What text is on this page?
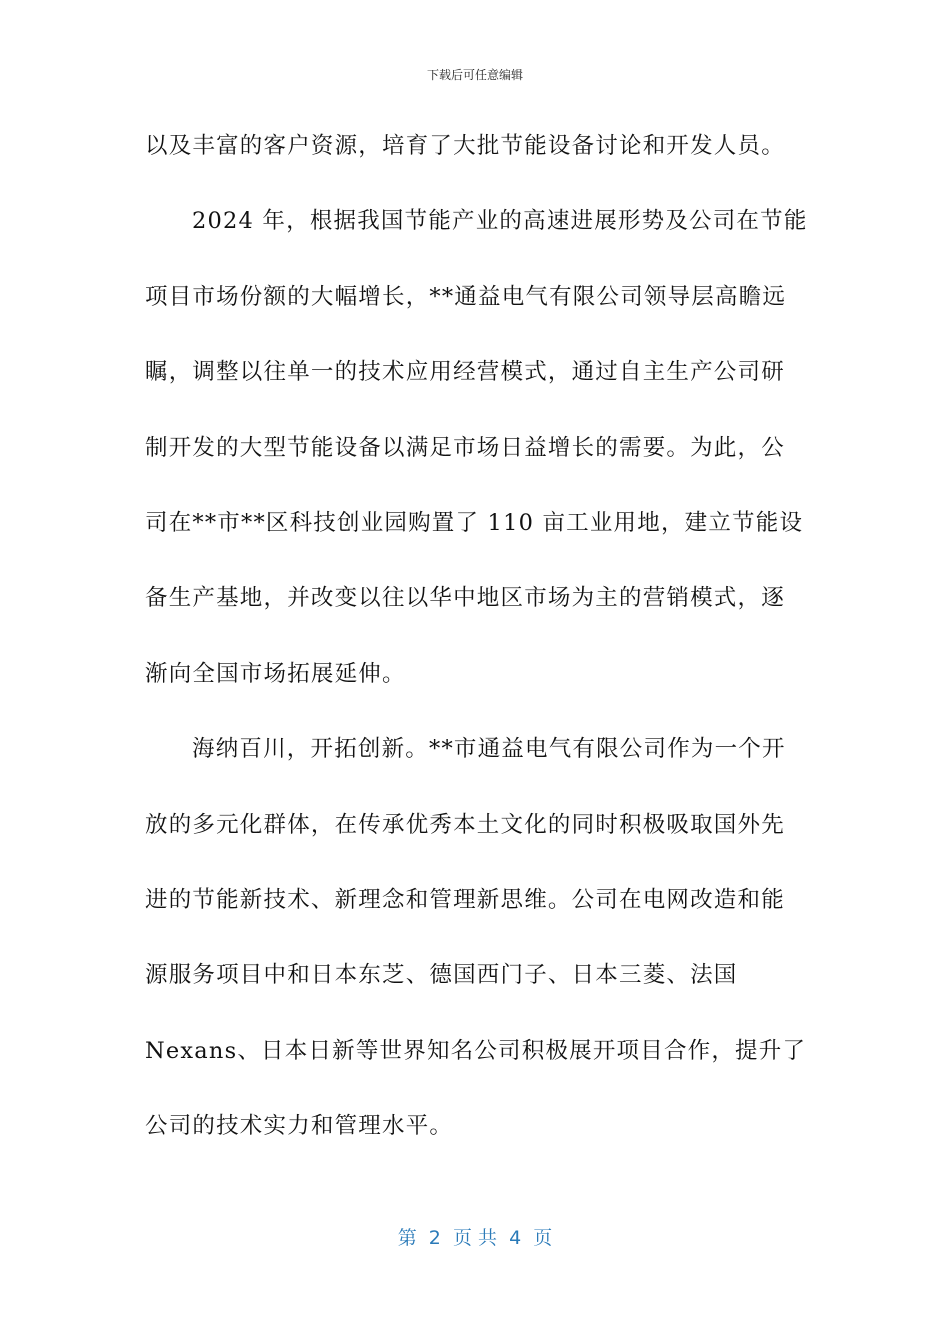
下载后可任意编辑
以及丰富的客户资源，培育了大批节能设备讨论和开发人员。
2024 年，根据我国节能产业的高速进展形势及公司在节能
项目市场份额的大幅增长，**通益电气有限公司领导层高瞻远
瞩，调整以往单一的技术应用经营模式，通过自主生产公司研
制开发的大型节能设备以满足市场日益增长的需要。为此，公
司在**市**区科技创业园购置了 110 亩工业用地，建立节能设
备生产基地，并改变以往以华中地区市场为主的营销模式，逐
渐向全国市场拓展延伸。
海纳百川，开拓创新。**市通益电气有限公司作为一个开
放的多元化群体，在传承优秀本土文化的同时积极吸取国外先
进的节能新技术、新理念和管理新思维。公司在电网改造和能
源服务项目中和日本东芝、德国西门子、日本三菱、法国
Nexans、日本日新等世界知名公司积极展开项目合作，提升了
公司的技术实力和管理水平。
第  2  页 共  4  页
